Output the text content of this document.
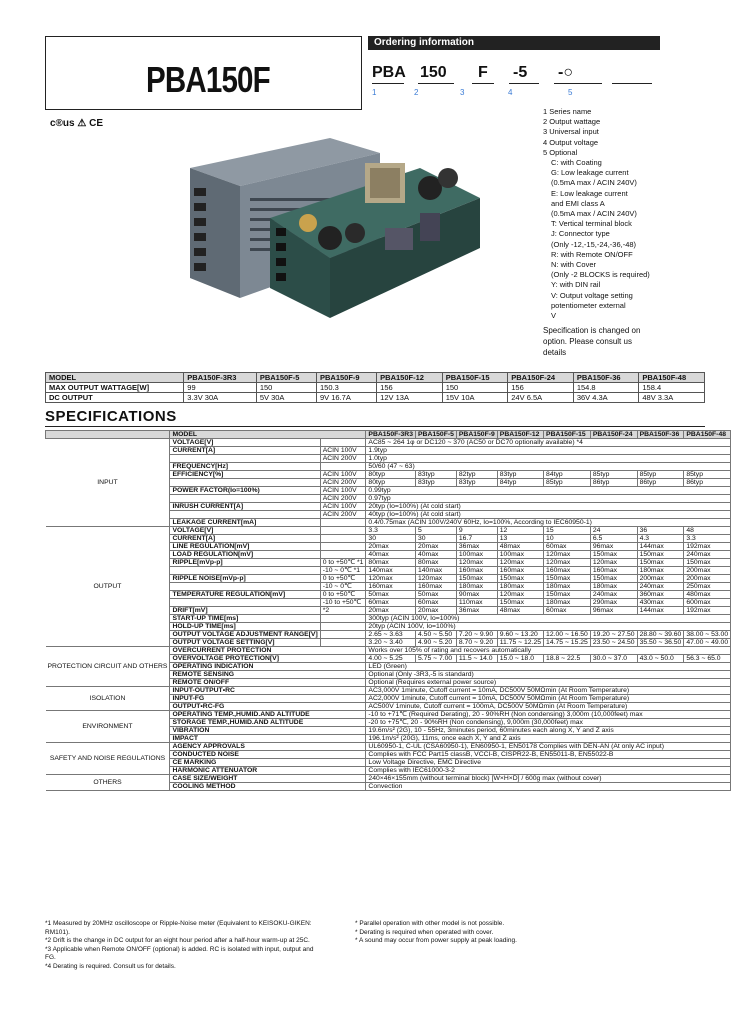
PBA150F
Ordering information
PBA 150 F -5 -○
1	2	3	4	5
c®us ⚠ CE
1 Series name
2 Output wattage
3 Universal input
4 Output voltage
5 Optional
C: with Coating
G: Low leakage current
(0.5mA max / ACIN 240V)
E: Low leakage current
and EMI class A
(0.5mA max / ACIN 240V)
T: Vertical terminal block
J: Connector type
(Only -12,-15,-24,-36,-48)
R: with Remote ON/OFF
N: with Cover
(Only -2 BLOCKS is required)
Y: with DIN rail
V: Output voltage setting
potentiometer external
V
Specification is changed on
option. Please consult us
details
MODEL	PBA150F-3R3	PBA150F-5	PBA150F-9	PBA150F-12	PBA150F-15	PBA150F-24	PBA150F-36	PBA150F-48
MAX OUTPUT WATTAGE[W]	99	150	150.3	156	150	156	154.8	158.4
DC OUTPUT	3.3V 30A	5V 30A	9V 16.7A	12V 13A	15V 10A	24V 6.5A	36V 4.3A	48V 3.3A
SPECIFICATIONS
	MODEL		PBA150F-3R3	PBA150F-5	PBA150F-9	PBA150F-12	PBA150F-15	PBA150F-24	PBA150F-36	PBA150F-48
INPUT	VOLTAGE[V]		AC85 ~ 264 1φ or DC120 ~ 370 (AC50 or DC70 optionally available) *4							
	CURRENT[A]	ACIN 100V	1.9typ							
		ACIN 200V	1.0typ							
	FREQUENCY[Hz]		50/60 (47 ~ 63)							
	EFFICIENCY[%]	ACIN 100V	80typ	83typ	82typ	83typ	84typ	85typ	85typ	85typ
		ACIN 200V	80typ	83typ	83typ	84typ	85typ	86typ	86typ	86typ
	POWER FACTOR(Io=100%)	ACIN 100V	0.99typ							
		ACIN 200V	0.97typ							
	INRUSH CURRENT[A]	ACIN 100V	20typ (Io=100%) (At cold start)							
		ACIN 200V	40typ (Io=100%) (At cold start)							
	LEAKAGE CURRENT[mA]		0.4/0.75max (ACIN 100V/240V 60Hz, Io=100%, According to IEC60950-1)							
OUTPUT	VOLTAGE[V]		3.3	5	9	12	15	24	36	48
	CURRENT[A]		30	30	16.7	13	10	6.5	4.3	3.3
	LINE REGULATION[mV]		20max	20max	36max	48max	60max	96max	144max	192max
	LOAD REGULATION[mV]		40max	40max	100max	100max	120max	150max	150max	240max
	RIPPLE[mVp-p]	0 to +50℃ *1	80max	80max	120max	120max	120max	120max	150max	150max
		-10 ~ 0℃ *1	140max	140max	160max	160max	160max	160max	180max	200max
	RIPPLE NOISE[mVp-p]	0 to +50℃	120max	120max	150max	150max	150max	150max	200max	200max
		-10 ~ 0℃	160max	160max	180max	180max	180max	180max	240max	250max
	TEMPERATURE REGULATION[mV]	0 to +50℃	50max	50max	90max	120max	150max	240max	360max	480max
		-10 to +50℃	60max	60max	110max	150max	180max	290max	430max	600max
	DRIFT[mV]	*2	20max	20max	36max	48max	60max	96max	144max	192max
	START-UP TIME[ms]		300typ (ACIN 100V, Io=100%)							
	HOLD-UP TIME[ms]		20typ (ACIN 100V, Io=100%)							
	OUTPUT VOLTAGE ADJUSTMENT RANGE[V]		2.65 ~ 3.63	4.50 ~ 5.50	7.20 ~ 9.90	9.60 ~ 13.20	12.00 ~ 16.50	19.20 ~ 27.50	28.80 ~ 39.60	38.00 ~ 53.00
	OUTPUT VOLTAGE SETTING[V]		3.20 ~ 3.40	4.90 ~ 5.20	8.70 ~ 9.20	11.75 ~ 12.25	14.75 ~ 15.25	23.50 ~ 24.50	35.50 ~ 36.50	47.00 ~ 49.00
PROTECTION CIRCUIT AND OTHERS	OVERCURRENT PROTECTION		Works over 105% of rating and recovers automatically							
	OVERVOLTAGE PROTECTION[V]		4.00 ~ 5.25	5.75 ~ 7.00	11.5 ~ 14.0	15.0 ~ 18.0	18.8 ~ 22.5	30.0 ~ 37.0	43.0 ~ 50.0	56.3 ~ 65.0
	OPERATING INDICATION		LED (Green)							
	REMOTE SENSING		Optional (Only -3R3,-5 is standard)							
	REMOTE ON/OFF		Optional (Requires external power source)							
ISOLATION	INPUT-OUTPUT•RC		AC3,000V 1minute, Cutoff current = 10mA, DC500V 50MΩmin (At Room Temperature)							
	INPUT-FG		AC2,000V 1minute, Cutoff current = 10mA, DC500V 50MΩmin (At Room Temperature)							
	OUTPUT•RC-FG		AC500V 1minute, Cutoff current = 100mA, DC500V 50MΩmin (At Room Temperature)							
ENVIRONMENT	OPERATING TEMP.,HUMID.AND ALTITUDE		-10 to +71℃ (Required Derating), 20 - 90%RH (Non condensing) 3,000m (10,000feet) max							
	STORAGE TEMP.,HUMID.AND ALTITUDE		-20 to +75℃, 20 - 90%RH (Non condensing), 9,000m (30,000feet) max							
	VIBRATION		19.6m/s² (2G), 10 - 55Hz, 3minutes period, 60minutes each along X, Y and Z axis							
	IMPACT		196.1m/s² (20G), 11ms, once each X, Y and Z axis							
SAFETY AND NOISE REGULATIONS	AGENCY APPROVALS		UL60950-1, C-UL (CSA60950-1), EN60950-1, EN50178 Complies with DEN-AN (At only AC input)							
	CONDUCTED NOISE		Complies with FCC Part15 classB, VCCI-B, CISPR22-B, EN55011-B, EN55022-B							
	CE MARKING		Low Voltage Directive, EMC Directive							
	HARMONIC ATTENUATOR		Complies with IEC61000-3-2							
OTHERS	CASE SIZE/WEIGHT		240×46×155mm (without terminal block) [W×H×D] / 600g max (without cover)							
	COOLING METHOD		Convection							
*1 Measured by 20MHz oscilloscope or Ripple-Noise meter (Equivalent to KEISOKU-GIKEN:
RM101).
*2 Drift is the change in DC output for an eight hour period after a half-hour warm-up at 25C.
*3 Applicable when Remote ON/OFF (optional) is added. RC is isolated with input, output and
FG.
*4 Derating is required. Consult us for details.
* Parallel operation with other model is not possible.
* Derating is required when operated with cover.
* A sound may occur from power supply at peak loading.
